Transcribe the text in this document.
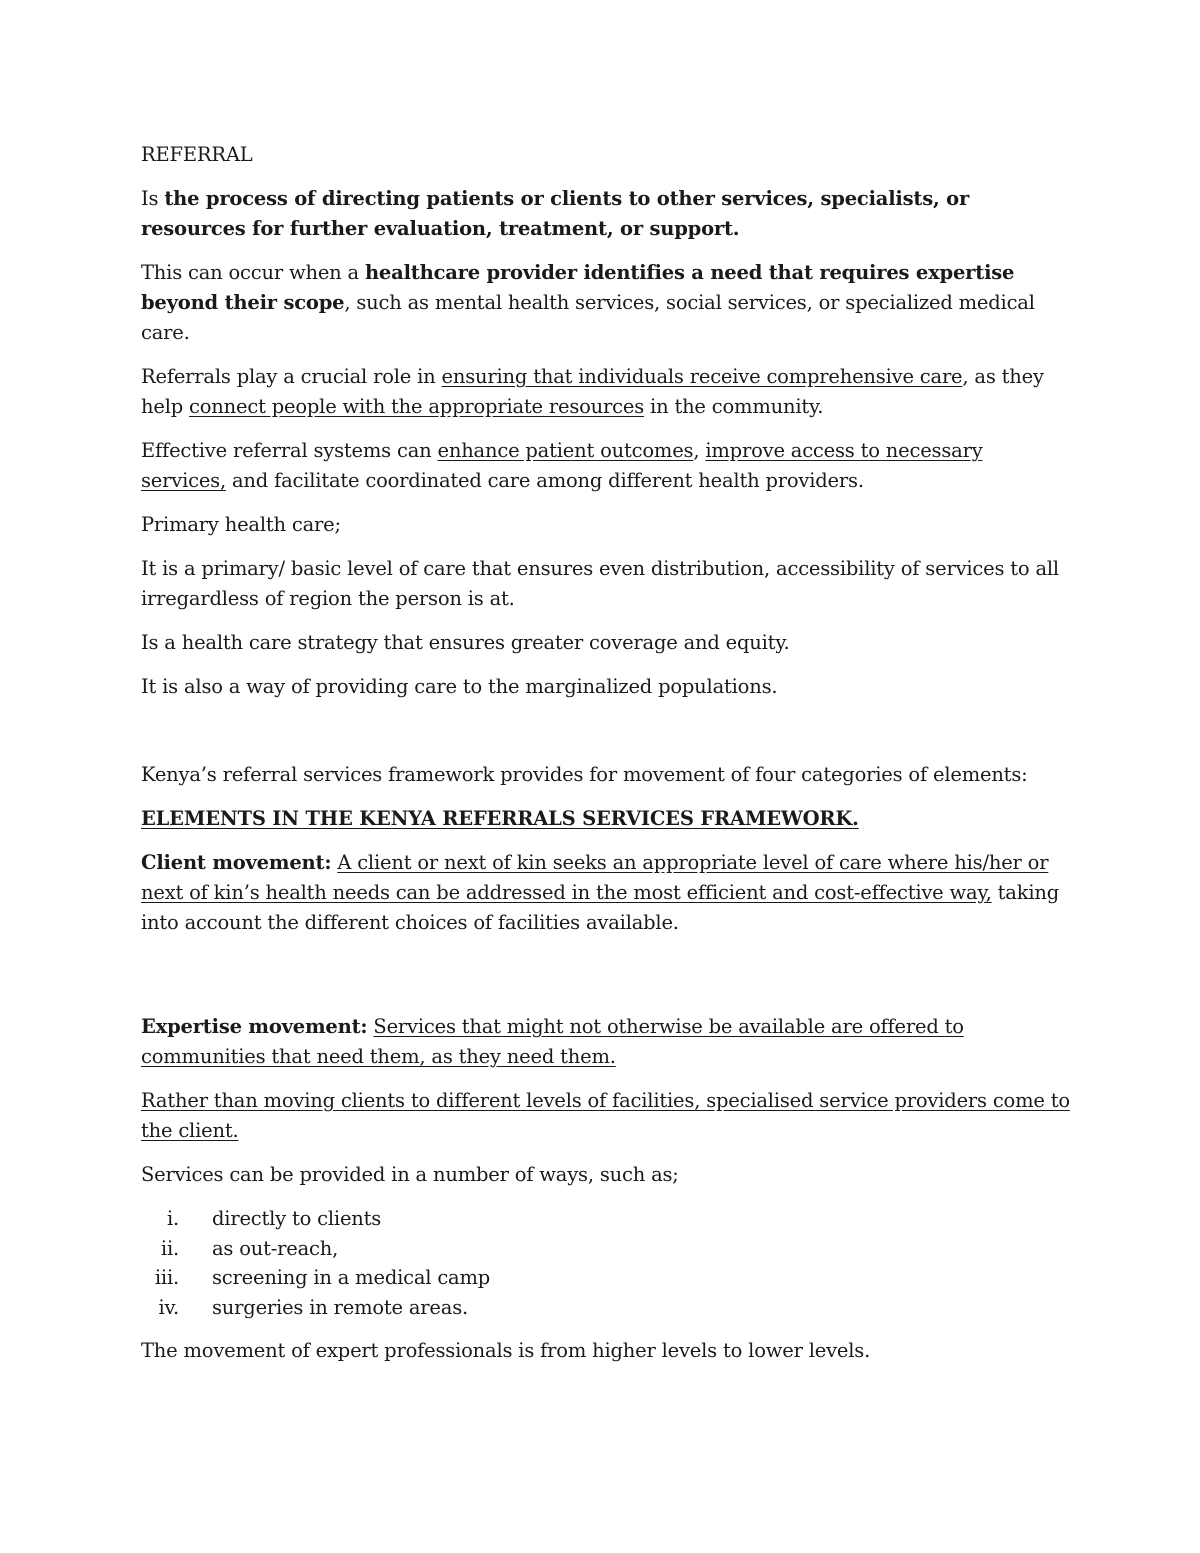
REFERRAL

Is the process of directing patients or clients to other services, specialists, or resources for further evaluation, treatment, or support.

This can occur when a healthcare provider identifies a need that requires expertise beyond their scope, such as mental health services, social services, or specialized medical care.

Referrals play a crucial role in ensuring that individuals receive comprehensive care, as they help connect people with the appropriate resources in the community.

Effective referral systems can enhance patient outcomes, improve access to necessary services, and facilitate coordinated care among different health providers.

Primary health care;

It is a primary/ basic level of care that ensures even distribution, accessibility of services to all irregardless of region the person is at.

Is a health care strategy that ensures greater coverage and equity.

It is also a way of providing care to the marginalized populations.

Kenya’s referral services framework provides for movement of four categories of elements:

ELEMENTS IN THE KENYA REFERRALS SERVICES FRAMEWORK.

Client movement: A client or next of kin seeks an appropriate level of care where his/her or next of kin’s health needs can be addressed in the most efficient and cost-effective way, taking into account the different choices of facilities available.

Expertise movement: Services that might not otherwise be available are offered to communities that need them, as they need them.

Rather than moving clients to different levels of facilities, specialised service providers come to the client.

Services can be provided in a number of ways, such as;

i. directly to clients
ii. as out-reach,
iii. screening in a medical camp
iv. surgeries in remote areas.

The movement of expert professionals is from higher levels to lower levels.
